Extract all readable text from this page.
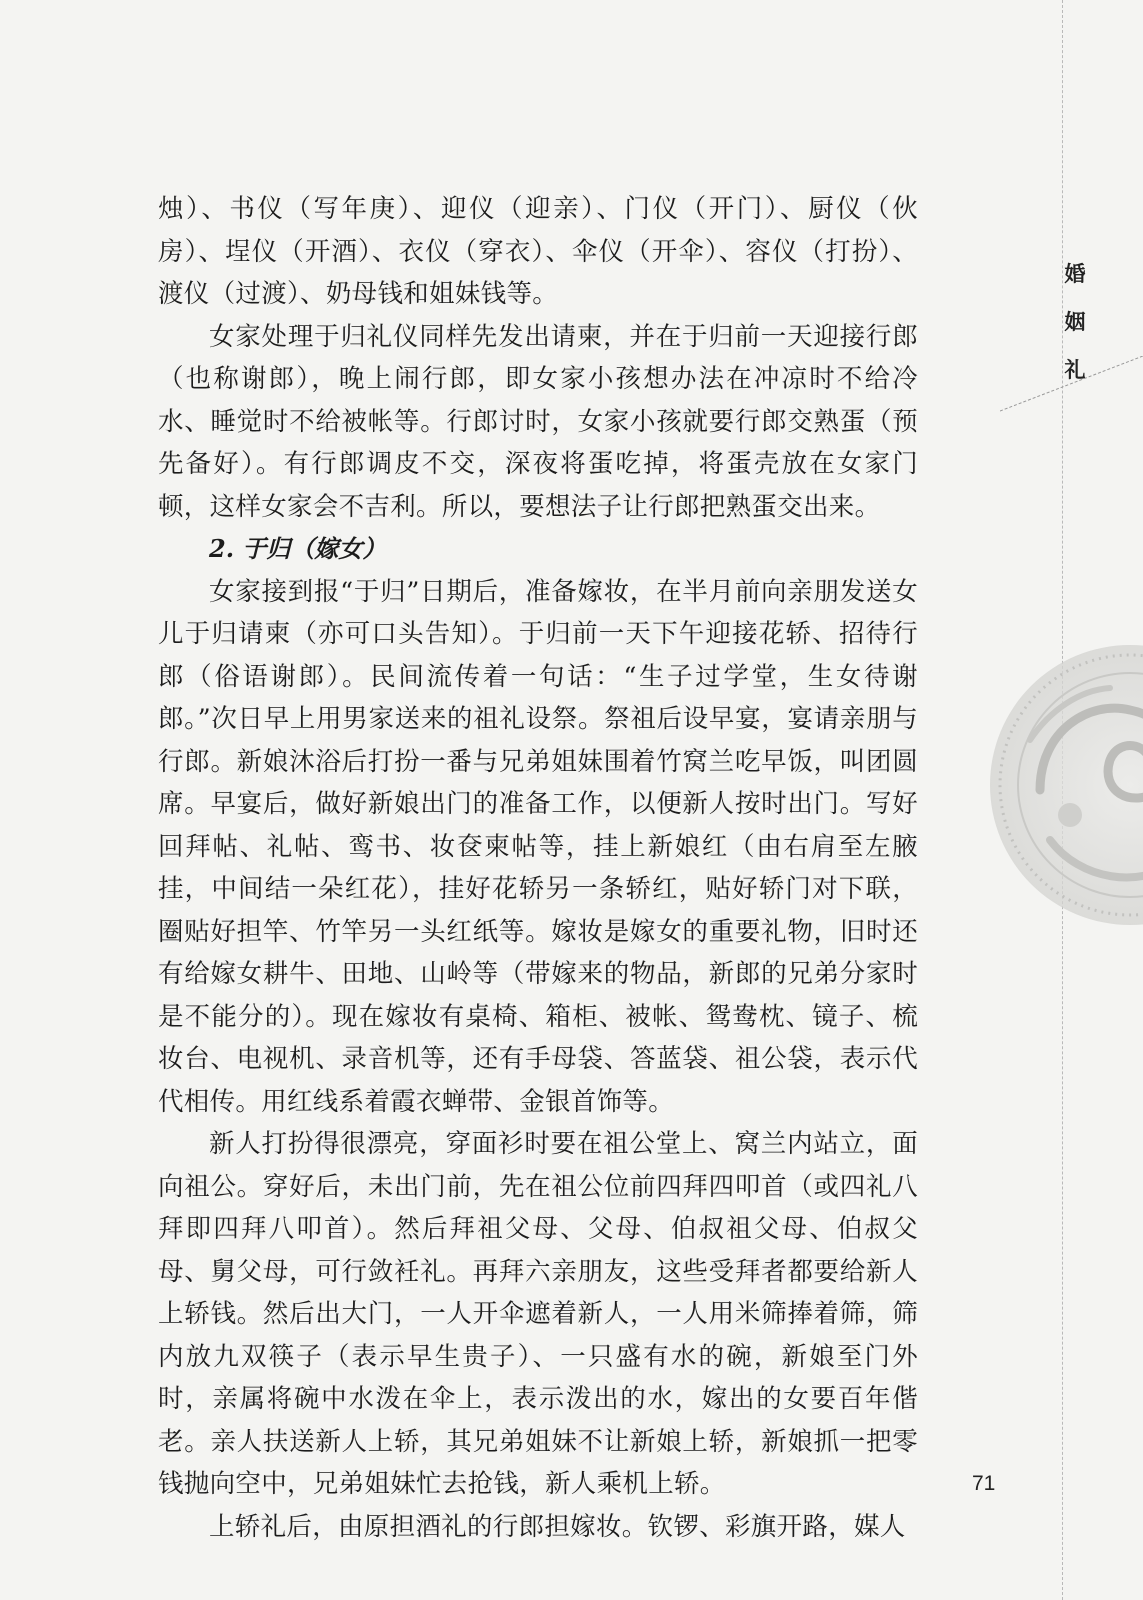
婚
姻
礼

烛）、书仪（写年庚）、迎仪（迎亲）、门仪（开门）、厨仪（伙房）、埕仪（开酒）、衣仪（穿衣）、伞仪（开伞）、容仪（打扮）、渡仪（过渡）、奶母钱和姐妹钱等。

女家处理于归礼仪同样先发出请柬，并在于归前一天迎接行郎（也称谢郎），晚上闹行郎，即女家小孩想办法在冲凉时不给冷水、睡觉时不给被帐等。行郎讨时，女家小孩就要行郎交熟蛋（预先备好）。有行郎调皮不交，深夜将蛋吃掉，将蛋壳放在女家门顿，这样女家会不吉利。所以，要想法子让行郎把熟蛋交出来。

2. 于归（嫁女）

女家接到报“于归”日期后，准备嫁妆，在半月前向亲朋发送女儿于归请柬（亦可口头告知）。于归前一天下午迎接花轿、招待行郎（俗语谢郎）。民间流传着一句话：“生子过学堂，生女待谢郎。”次日早上用男家送来的祖礼设祭。祭祖后设早宴，宴请亲朋与行郎。新娘沐浴后打扮一番与兄弟姐妹围着竹窝兰吃早饭，叫团圆席。早宴后，做好新娘出门的准备工作，以便新人按时出门。写好回拜帖、礼帖、鸾书、妆奁柬帖等，挂上新娘红（由右肩至左腋挂，中间结一朵红花），挂好花轿另一条轿红，贴好轿门对下联，圈贴好担竿、竹竿另一头红纸等。嫁妆是嫁女的重要礼物，旧时还有给嫁女耕牛、田地、山岭等（带嫁来的物品，新郎的兄弟分家时是不能分的）。现在嫁妆有桌椅、箱柜、被帐、鸳鸯枕、镜子、梳妆台、电视机、录音机等，还有手母袋、答蓝袋、祖公袋，表示代代相传。用红线系着霞衣蝉带、金银首饰等。

新人打扮得很漂亮，穿面衫时要在祖公堂上、窝兰内站立，面向祖公。穿好后，未出门前，先在祖公位前四拜四叩首（或四礼八拜即四拜八叩首）。然后拜祖父母、父母、伯叔祖父母、伯叔父母、舅父母，可行敛衽礼。再拜六亲朋友，这些受拜者都要给新人上轿钱。然后出大门，一人开伞遮着新人，一人用米筛捧着筛，筛内放九双筷子（表示早生贵子）、一只盛有水的碗，新娘至门外时，亲属将碗中水泼在伞上，表示泼出的水，嫁出的女要百年偕老。亲人扶送新人上轿，其兄弟姐妹不让新娘上轿，新娘抓一把零钱抛向空中，兄弟姐妹忙去抢钱，新人乘机上轿。

上轿礼后，由原担酒礼的行郎担嫁妆。钦锣、彩旗开路，媒人

71
